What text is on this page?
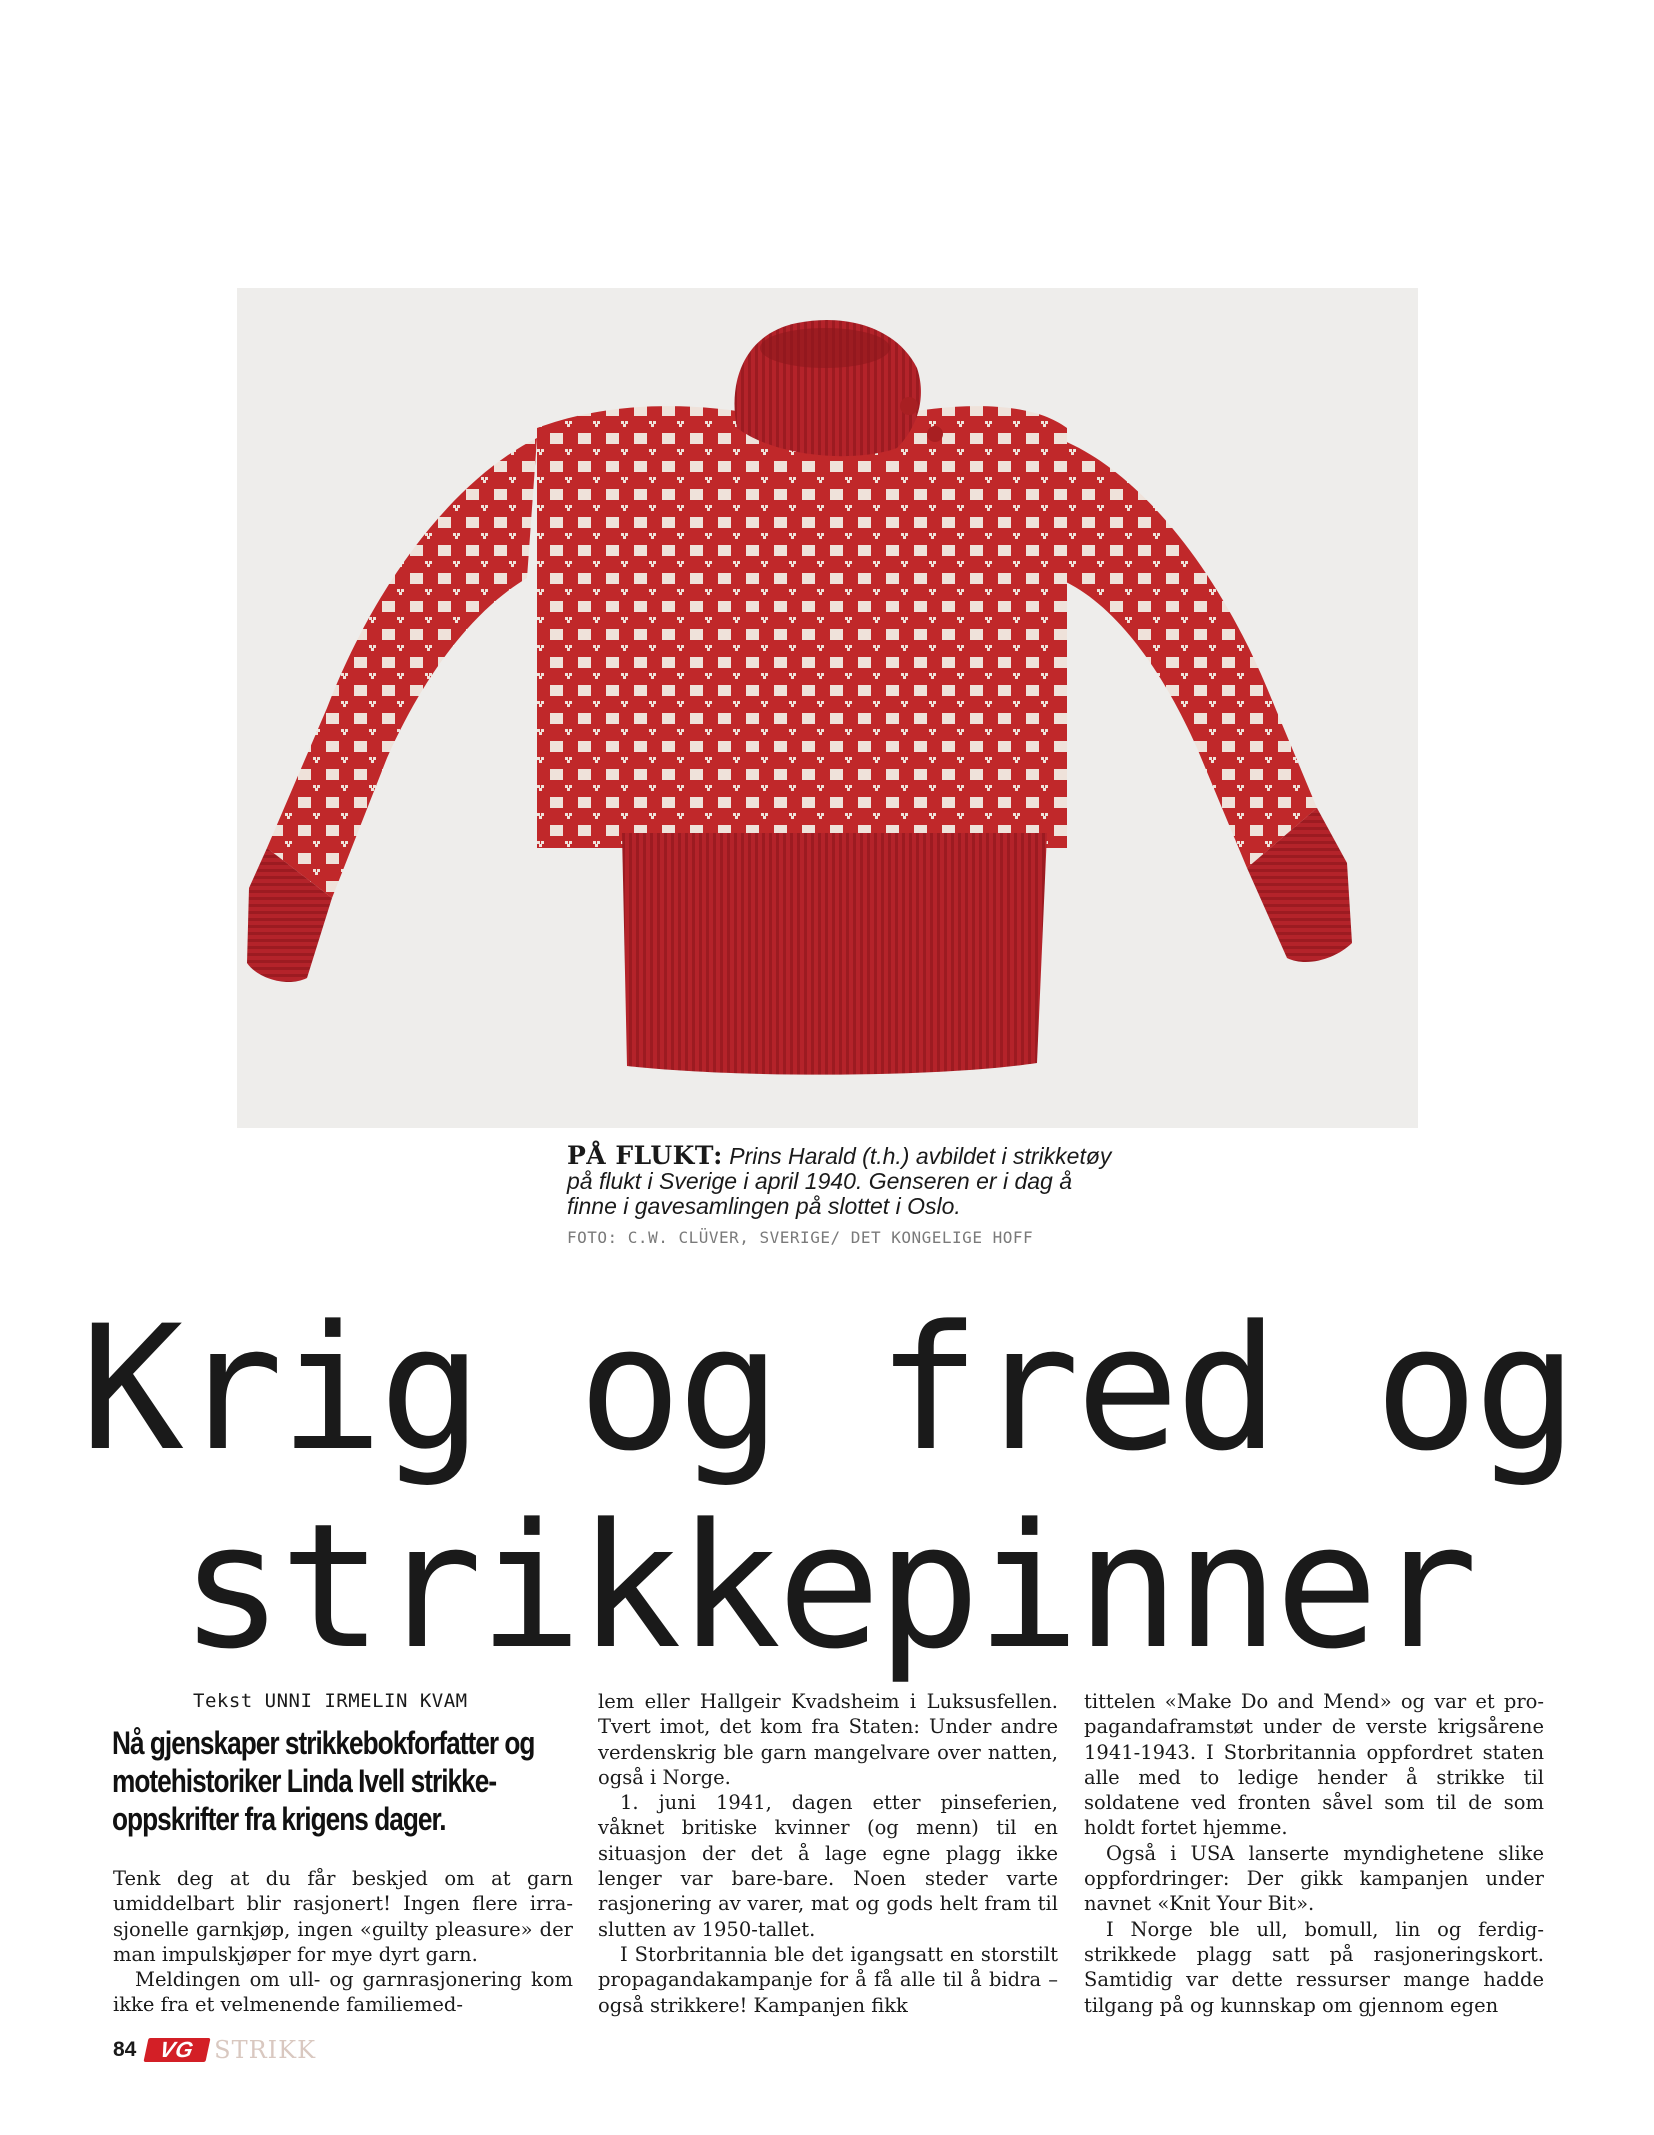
PÅ FLUKT: Prins Harald (t.h.) avbildet i strikketøy på flukt i Sverige i april 1940. Genseren er i dag å finne i gavesamlingen på slottet i Oslo.
FOTO: C.W. CLÜVER, SVERIGE/ DET KONGELIGE HOFF
Krig og fred og
strikkepinner
Tekst UNNI IRMELIN KVAM
Nå gjenskaper strikkebokforfatter og motehistoriker Linda Ivell strikke-oppskrifter fra krigens dager.

Tenk deg at du får beskjed om at garn umiddelbart blir rasjonert! Ingen flere irrasjonelle garnkjøp, ingen «guilty pleasure» der man impulskjøper for mye dyrt garn.

Meldingen om ull- og garnrasjonering kom ikke fra et velmenende familiemed-

lem eller Hallgeir Kvadsheim i Luksusfellen. Tvert imot, det kom fra Staten: Under andre verdenskrig ble garn mangelvare over natten, også i Norge.

1. juni 1941, dagen etter pinseferien, våknet britiske kvinner (og menn) til en situasjon der det å lage egne plagg ikke lenger var bare-bare. Noen steder varte rasjonering av varer, mat og gods helt fram til slutten av 1950-tallet.

I Storbritannia ble det igangsatt en storstilt propagandakampanje for å få alle til å bidra – også strikkere! Kampanjen fikk

tittelen «Make Do and Mend» og var et propagandaframstøt under de verste krigsårene 1941-1943. I Storbritannia oppfordret staten alle med to ledige hender å strikke til soldatene ved fronten såvel som til de som holdt fortet hjemme.

Også i USA lanserte myndighetene slike oppfordringer: Der gikk kampanjen under navnet «Knit Your Bit».

I Norge ble ull, bomull, lin og ferdigstrikkede plagg satt på rasjoneringskort. Samtidig var dette ressurser mange hadde tilgang på og kunnskap om gjennom egen

84 VG STRIKK
